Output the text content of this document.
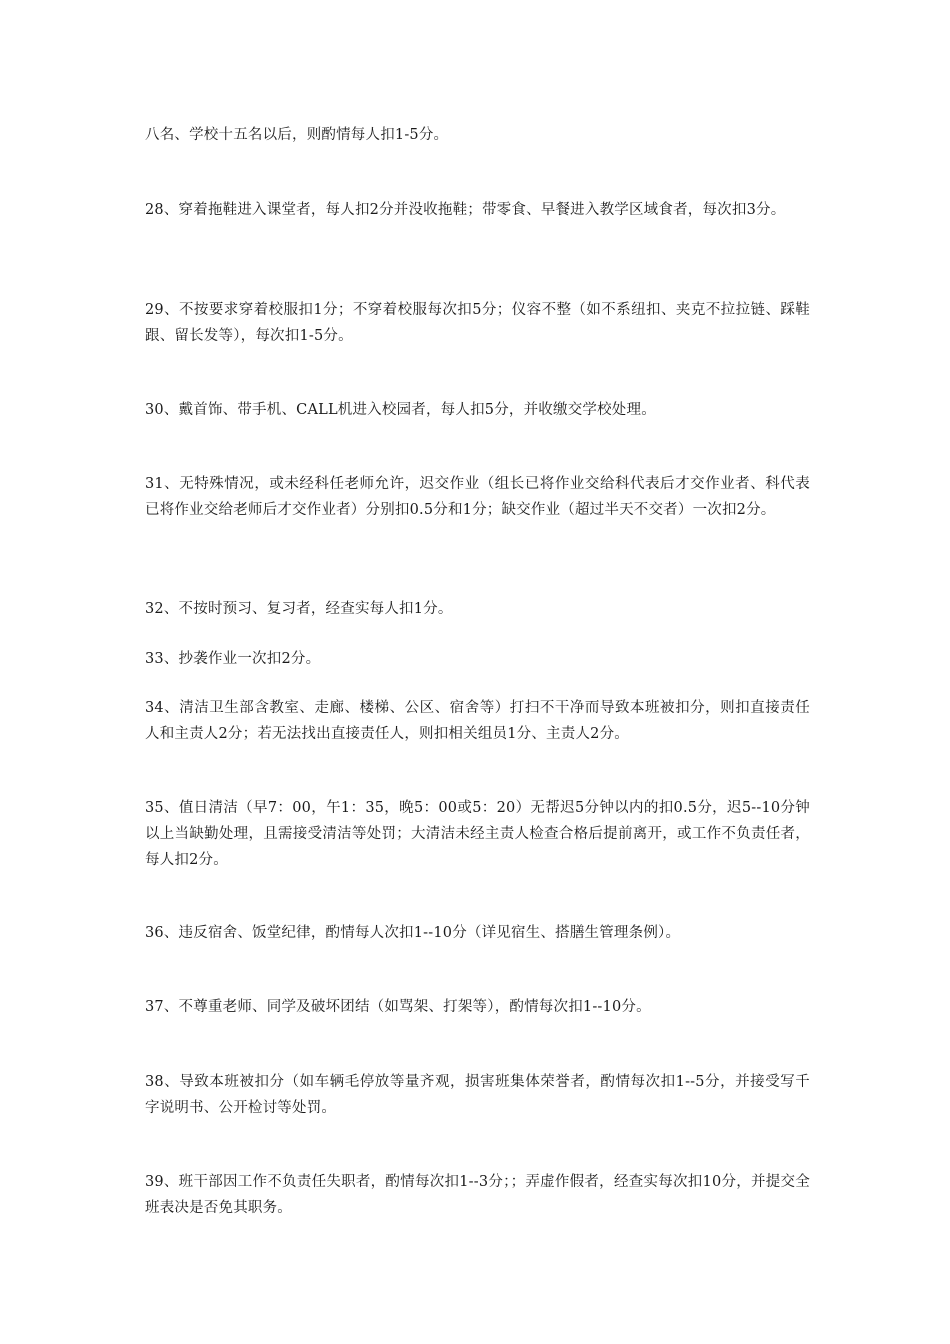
八名、学校十五名以后，则酌情每人扣1-5分。

28、穿着拖鞋进入课堂者，每人扣2分并没收拖鞋；带零食、早餐进入教学区域食者，每次扣3分。

29、不按要求穿着校服扣1分；不穿着校服每次扣5分；仪容不整（如不系纽扣、夹克不拉拉链、踩鞋跟、留长发等），每次扣1-5分。

30、戴首饰、带手机、CALL机进入校园者，每人扣5分，并收缴交学校处理。

31、无特殊情况，或未经科任老师允许，迟交作业（组长已将作业交给科代表后才交作业者、科代表已将作业交给老师后才交作业者）分别扣0.5分和1分；缺交作业（超过半天不交者）一次扣2分。

32、不按时预习、复习者，经查实每人扣1分。

33、抄袭作业一次扣2分。

34、清洁卫生部含教室、走廊、楼梯、公区、宿舍等）打扫不干净而导致本班被扣分，则扣直接责任人和主责人2分；若无法找出直接责任人，则扣相关组员1分、主责人2分。

35、值日清洁（早7：00，午1：35，晚5：00或5：20）无帮迟5分钟以内的扣0.5分，迟5--10分钟以上当缺勤处理，且需接受清洁等处罚；大清洁未经主责人检查合格后提前离开，或工作不负责任者，每人扣2分。

36、违反宿舍、饭堂纪律，酌情每人次扣1--10分（详见宿生、搭膳生管理条例）。

37、不尊重老师、同学及破坏团结（如骂架、打架等），酌情每次扣1--10分。

38、导致本班被扣分（如车辆毛停放等量齐观，损害班集体荣誉者，酌情每次扣1--5分，并接受写千字说明书、公开检讨等处罚。

39、班干部因工作不负责任失职者，酌情每次扣1--3分；；弄虚作假者，经查实每次扣10分，并提交全班表决是否免其职务。
